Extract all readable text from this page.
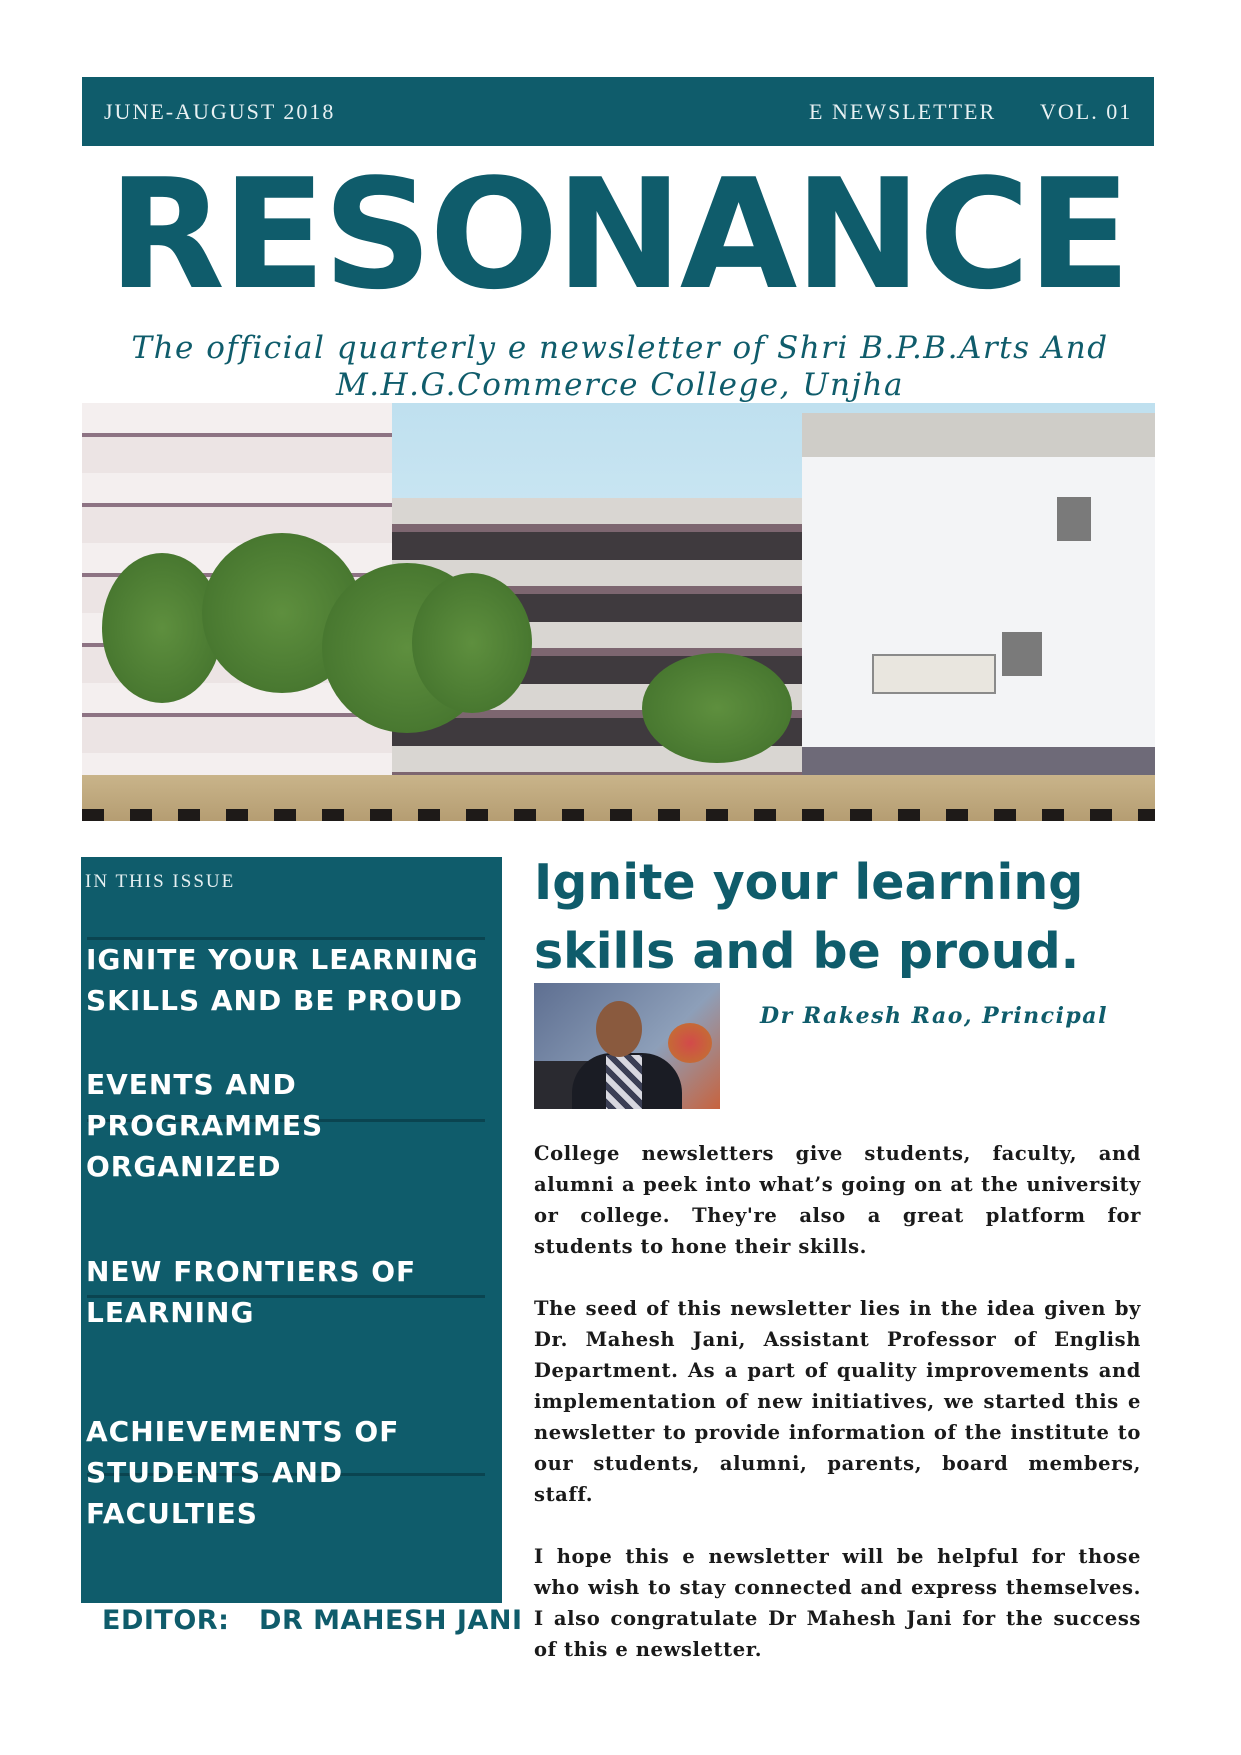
JUNE-AUGUST 2018	E NEWSLETTER VOL. 01
RESONANCE
The official quarterly e newsletter of Shri B.P.B.Arts And
M.H.G.Commerce College, Unjha
IN THIS ISSUE
IGNITE YOUR LEARNING
SKILLS AND BE PROUD
EVENTS AND
PROGRAMMES
ORGANIZED
NEW FRONTIERS OF
LEARNING
ACHIEVEMENTS OF
STUDENTS AND
FACULTIES
EDITOR:   DR MAHESH JANI
Ignite your learning
skills and be proud.
Dr Rakesh Rao, Principal

College newsletters give students, faculty, and alumni a peek into what’s going on at the university or college. They're also a great platform for students to hone their skills.

The seed of this newsletter lies in the idea given by Dr. Mahesh Jani, Assistant Professor of English Department. As a part of quality improvements and implementation of new initiatives, we started this e newsletter to provide information of the institute to our students, alumni, parents, board members, staff.

I hope this e newsletter will be helpful for those who wish to stay connected and express themselves. I also congratulate Dr Mahesh Jani for the success of this e newsletter.
